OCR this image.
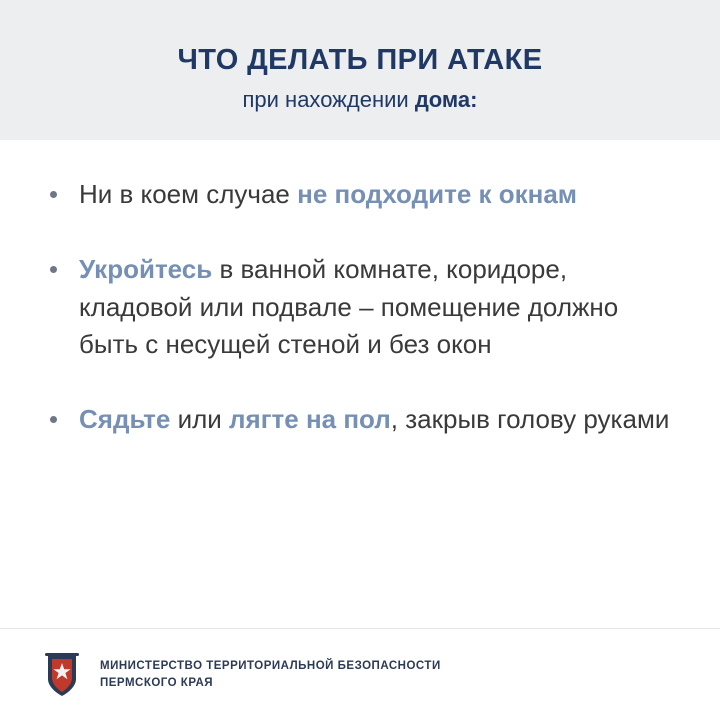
ЧТО ДЕЛАТЬ ПРИ АТАКЕ
при нахождении дома:
Ни в коем случае не подходите к окнам
Укройтесь в ванной комнате, коридоре, кладовой или подвале – помещение должно быть с несущей стеной и без окон
Сядьте или лягте на пол, закрыв голову руками
МИНИСТЕРСТВО ТЕРРИТОРИАЛЬНОЙ БЕЗОПАСНОСТИ
ПЕРМСКОГО КРАЯ
